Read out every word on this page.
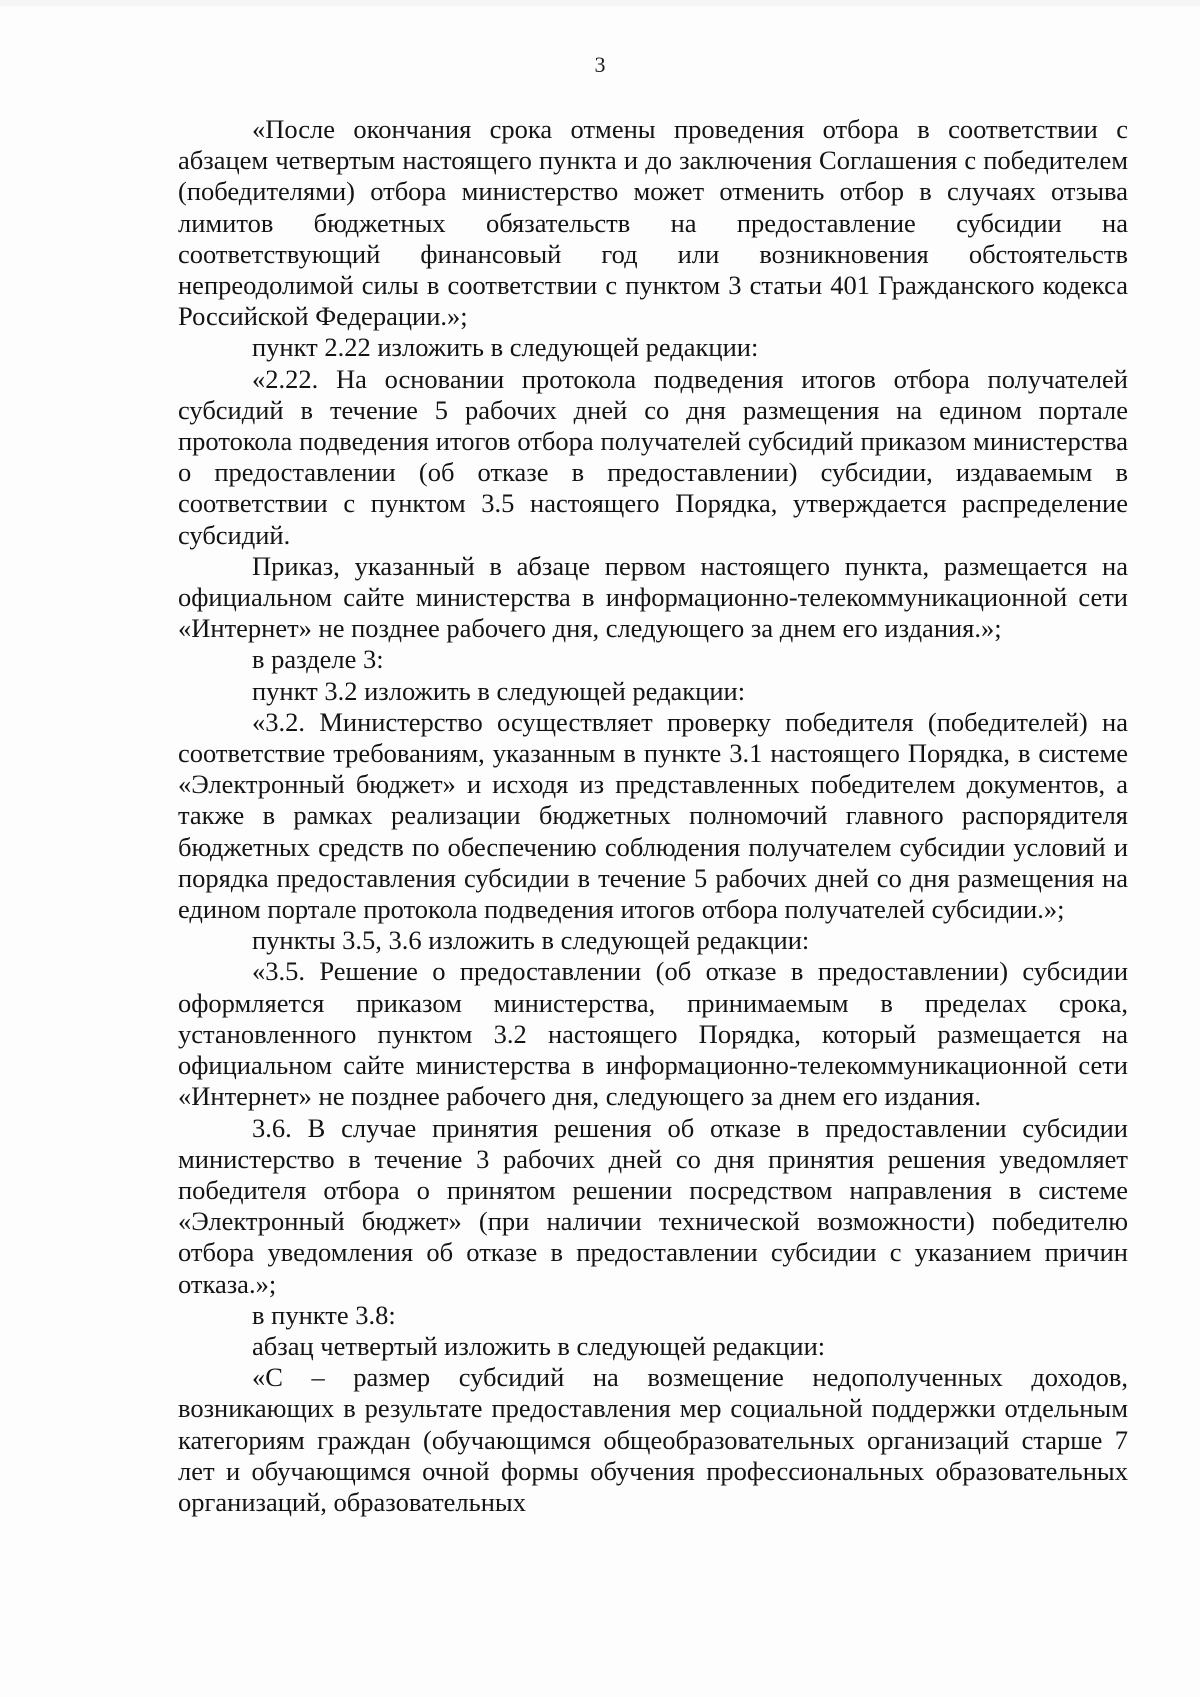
3

«После окончания срока отмены проведения отбора в соответствии с абзацем четвертым настоящего пункта и до заключения Соглашения с победителем (победителями) отбора министерство может отменить отбор в случаях отзыва лимитов бюджетных обязательств на предоставление субсидии на соответствующий финансовый год или возникновения обстоятельств непреодолимой силы в соответствии с пунктом 3 статьи 401 Гражданского кодекса Российской Федерации.»;

пункт 2.22 изложить в следующей редакции:

«2.22. На основании протокола подведения итогов отбора получателей субсидий в течение 5 рабочих дней со дня размещения на едином портале протокола подведения итогов отбора получателей субсидий приказом министерства о предоставлении (об отказе в предоставлении) субсидии, издаваемым в соответствии с пунктом 3.5 настоящего Порядка, утверждается распределение субсидий.

Приказ, указанный в абзаце первом настоящего пункта, размещается на официальном сайте министерства в информационно-телекоммуникационной сети «Интернет» не позднее рабочего дня, следующего за днем его издания.»;

в разделе 3:

пункт 3.2 изложить в следующей редакции:

«3.2. Министерство осуществляет проверку победителя (победителей) на соответствие требованиям, указанным в пункте 3.1 настоящего Порядка, в системе «Электронный бюджет» и исходя из представленных победителем документов, а также в рамках реализации бюджетных полномочий главного распорядителя бюджетных средств по обеспечению соблюдения получателем субсидии условий и порядка предоставления субсидии в течение 5 рабочих дней со дня размещения на едином портале протокола подведения итогов отбора получателей субсидии.»;

пункты 3.5, 3.6 изложить в следующей редакции:

«3.5. Решение о предоставлении (об отказе в предоставлении) субсидии оформляется приказом министерства, принимаемым в пределах срока, установленного пунктом 3.2 настоящего Порядка, который размещается на официальном сайте министерства в информационно-телекоммуникационной сети «Интернет» не позднее рабочего дня, следующего за днем его издания.

3.6. В случае принятия решения об отказе в предоставлении субсидии министерство в течение 3 рабочих дней со дня принятия решения уведомляет победителя отбора о принятом решении посредством направления в системе «Электронный бюджет» (при наличии технической возможности) победителю отбора уведомления об отказе в предоставлении субсидии с указанием причин отказа.»;

в пункте 3.8:

абзац четвертый изложить в следующей редакции:

«C – размер субсидий на возмещение недополученных доходов, возникающих в результате предоставления мер социальной поддержки отдельным категориям граждан (обучающимся общеобразовательных организаций старше 7 лет и обучающимся очной формы обучения профессиональных образовательных организаций, образовательных
